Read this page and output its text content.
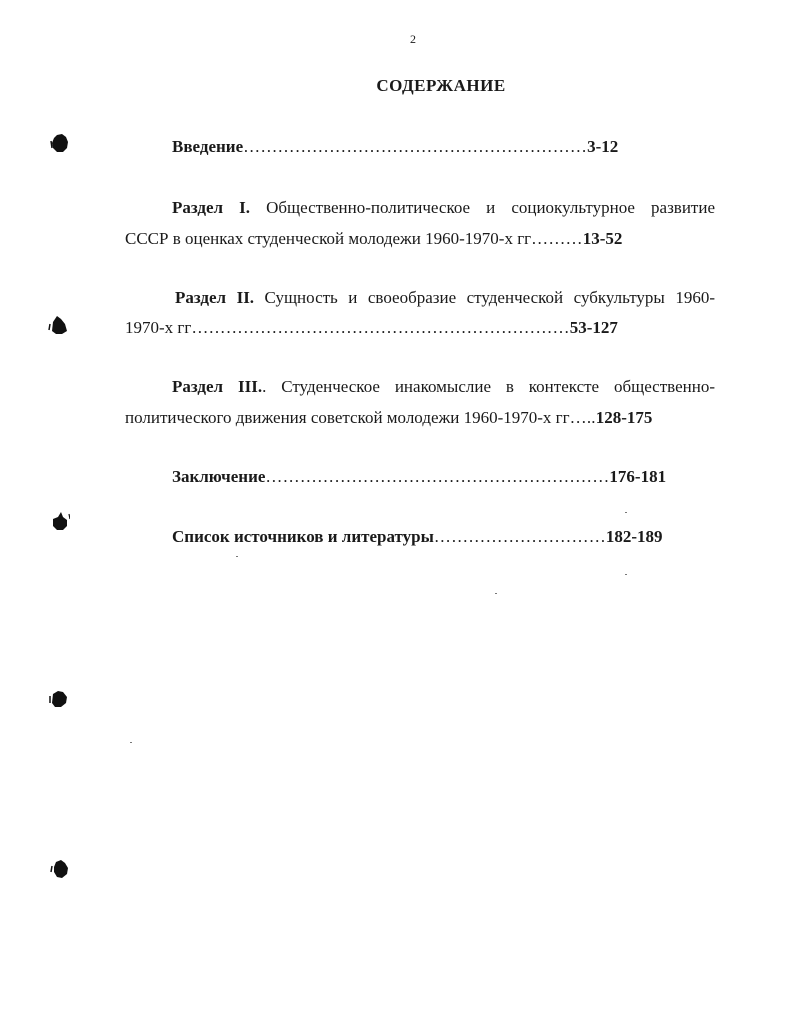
2
СОДЕРЖАНИЕ
Введение……………………………………………………3-12
Раздел I. Общественно-политическое и социокультурное развитие
СССР в оценках студенческой молодежи 1960-1970-х гг………13-52
Раздел II. Сущность и своеобразие студенческой субкультуры 1960-
1970-х гг…………………………………………………………53-127
Раздел III.. Студенческое инакомыслие в контексте общественно-
политического движения советской молодежи 1960-1970-х гг…..128-175
Заключение……………………………………………………176-181
Список источников и литературы…………………………182-189
